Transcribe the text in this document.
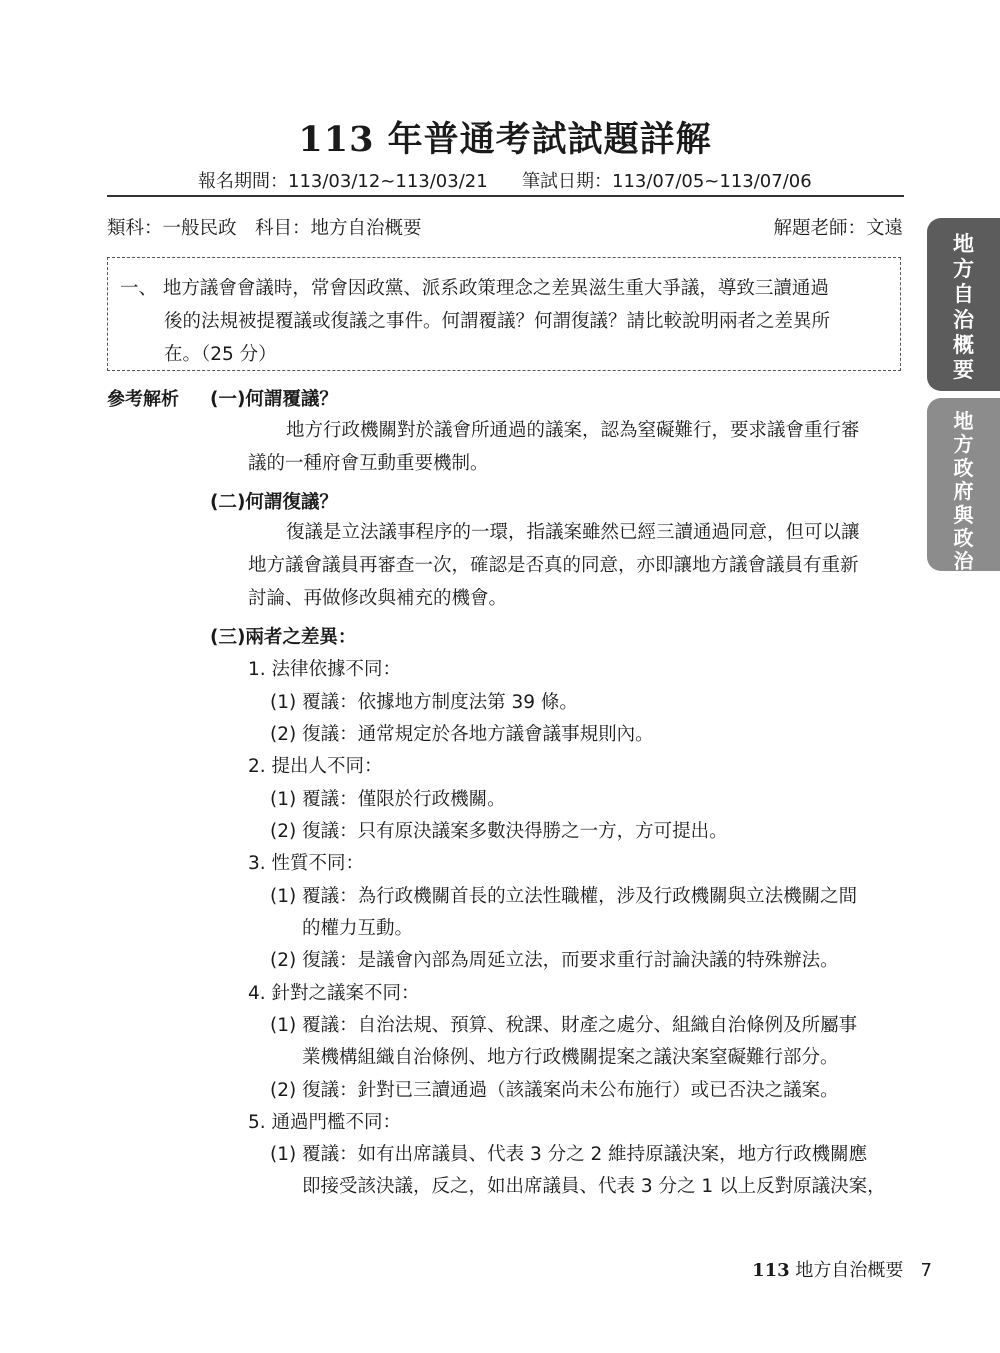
113 年普通考試試題詳解
報名期間：113/03/12~113/03/21 筆試日期：113/07/05~113/07/06
類科：一般民政　科目：地方自治概要	解題老師：文遠
一、 地方議會會議時，常會因政黨、派系政策理念之差異滋生重大爭議，導致三讀通過
後的法規被提覆議或復議之事件。何謂覆議？何謂復議？請比較說明兩者之差異所
在。（25 分）
參考解析 (一)何謂覆議？
地方行政機關對於議會所通過的議案，認為窒礙難行，要求議會重行審
議的一種府會互動重要機制。
(二)何謂復議？
復議是立法議事程序的一環，指議案雖然已經三讀通過同意，但可以讓
地方議會議員再審查一次，確認是否真的同意，亦即讓地方議會議員有重新
討論、再做修改與補充的機會。
(三)兩者之差異：
1. 法律依據不同：
(1) 覆議：依據地方制度法第 39 條。
(2) 復議：通常規定於各地方議會議事規則內。
2. 提出人不同：
(1) 覆議：僅限於行政機關。
(2) 復議：只有原決議案多數決得勝之一方，方可提出。
3. 性質不同：
(1) 覆議：為行政機關首長的立法性職權，涉及行政機關與立法機關之間
的權力互動。
(2) 復議：是議會內部為周延立法，而要求重行討論決議的特殊辦法。
4. 針對之議案不同：
(1) 覆議：自治法規、預算、稅課、財產之處分、組織自治條例及所屬事
業機構組織自治條例、地方行政機關提案之議決案窒礙難行部分。
(2) 復議：針對已三讀通過（該議案尚未公布施行）或已否決之議案。
5. 通過門檻不同：
(1) 覆議：如有出席議員、代表 3 分之 2 維持原議決案，地方行政機關應
即接受該決議，反之，如出席議員、代表 3 分之 1 以上反對原議決案，
地
方
自
治
概
要
地
方
政
府
與
政
治
113 地方自治概要 7
